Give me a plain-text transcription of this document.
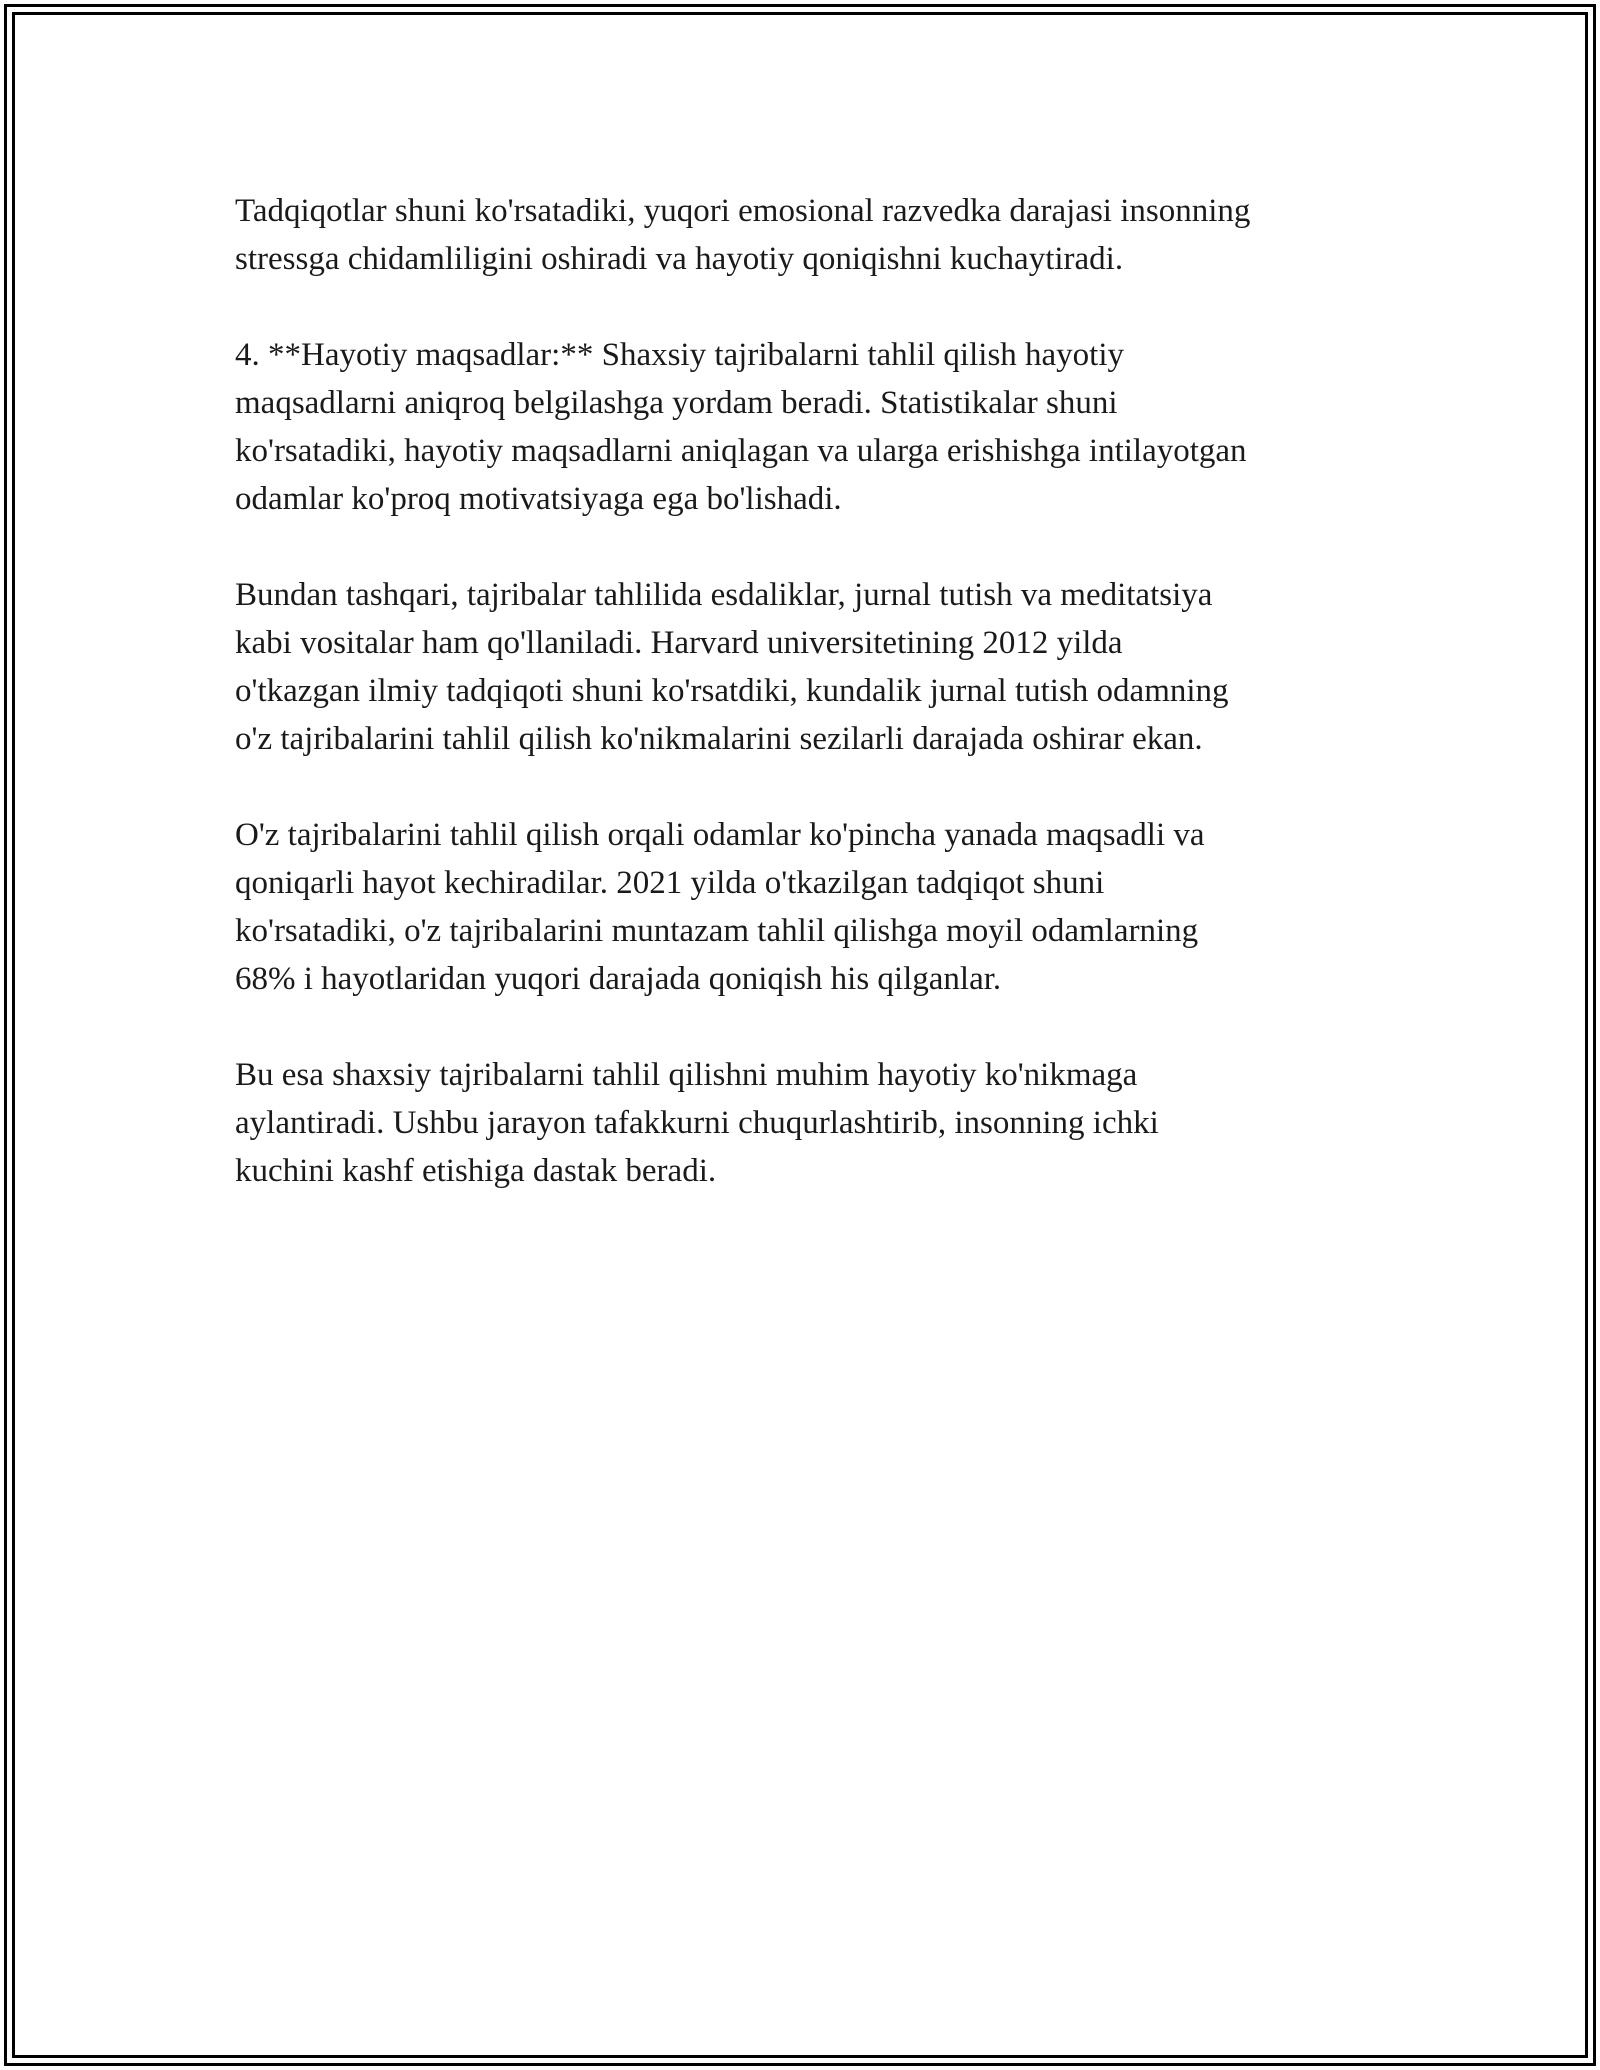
Tadqiqotlar shuni ko'rsatadiki, yuqori emosional razvedka darajasi insonning
stressga chidamliligini oshiradi va hayotiy qoniqishni kuchaytiradi.

4. **Hayotiy maqsadlar:** Shaxsiy tajribalarni tahlil qilish hayotiy
maqsadlarni aniqroq belgilashga yordam beradi. Statistikalar shuni
ko'rsatadiki, hayotiy maqsadlarni aniqlagan va ularga erishishga intilayotgan
odamlar ko'proq motivatsiyaga ega bo'lishadi.

Bundan tashqari, tajribalar tahlilida esdaliklar, jurnal tutish va meditatsiya
kabi vositalar ham qo'llaniladi. Harvard universitetining 2012 yilda
o'tkazgan ilmiy tadqiqoti shuni ko'rsatdiki, kundalik jurnal tutish odamning
o'z tajribalarini tahlil qilish ko'nikmalarini sezilarli darajada oshirar ekan.

O'z tajribalarini tahlil qilish orqali odamlar ko'pincha yanada maqsadli va
qoniqarli hayot kechiradilar. 2021 yilda o'tkazilgan tadqiqot shuni
ko'rsatadiki, o'z tajribalarini muntazam tahlil qilishga moyil odamlarning
68% i hayotlaridan yuqori darajada qoniqish his qilganlar.

Bu esa shaxsiy tajribalarni tahlil qilishni muhim hayotiy ko'nikmaga
aylantiradi. Ushbu jarayon tafakkurni chuqurlashtirib, insonning ichki
kuchini kashf etishiga dastak beradi.
